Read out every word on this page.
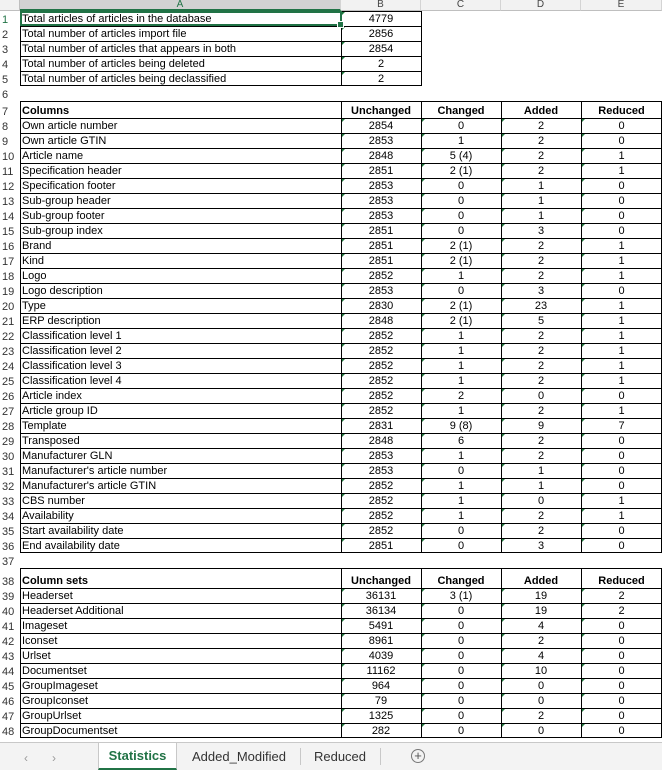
A	B	C	D	E
1	Total articles of articles in the database	4779
2	Total number of articles import file	2856
3	Total number of articles that appears in both	2854
4	Total number of articles being deleted	2
5	Total number of articles being declassified	2
6
7	Columns	Unchanged	Changed	Added	Reduced
8	Own article number	2854	0	2	0
9	Own article GTIN	2853	1	2	0
10 Article name	2848	5 (4)	2	1
11 Specification header	2851	2 (1)	2	1
12 Specification footer	2853	0	1	0
13 Sub-group header	2853	0	1	0
14 Sub-group footer	2853	0	1	0
15 Sub-group index	2851	0	3	0
16 Brand	2851	2 (1)	2	1
17 Kind	2851	2 (1)	2	1
18 Logo	2852	1	2	1
19 Logo description	2853	0	3	0
20 Type	2830	2 (1)	23	1
21 ERP description	2848	2 (1)	5	1
22 Classification level 1	2852	1	2	1
23 Classification level 2	2852	1	2	1
24 Classification level 3	2852	1	2	1
25 Classification level 4	2852	1	2	1
26 Article index	2852	2	0	0
27 Article group ID	2852	1	2	1
28 Template	2831	9 (8)	9	7
29 Transposed	2848	6	2	0
30 Manufacturer GLN	2853	1	2	0
31 Manufacturer's article number	2853	0	1	0
32 Manufacturer's article GTIN	2852	1	1	0
33 CBS number	2852	1	0	1
34 Availability	2852	1	2	1
35 Start availability date	2852	0	2	0
36 End availability date	2851	0	3	0
37
38 Column sets	Unchanged	Changed	Added	Reduced
39 Headerset	36131	3 (1)	19	2
40 Headerset Additional	36134	0	19	2
41 Imageset	5491	0	4	0
42 Iconset	8961	0	2	0
43 Urlset	4039	0	4	0
44 Documentset	11162	0	10	0
45 GroupImageset	964	0	0	0
46 GroupIconset	79	0	0	0
47 GroupUrlset	1325	0	2	0
48 GroupDocumentset	282	0	0	0
‹ ›	Statistics	Added_Modified	Reduced	+
